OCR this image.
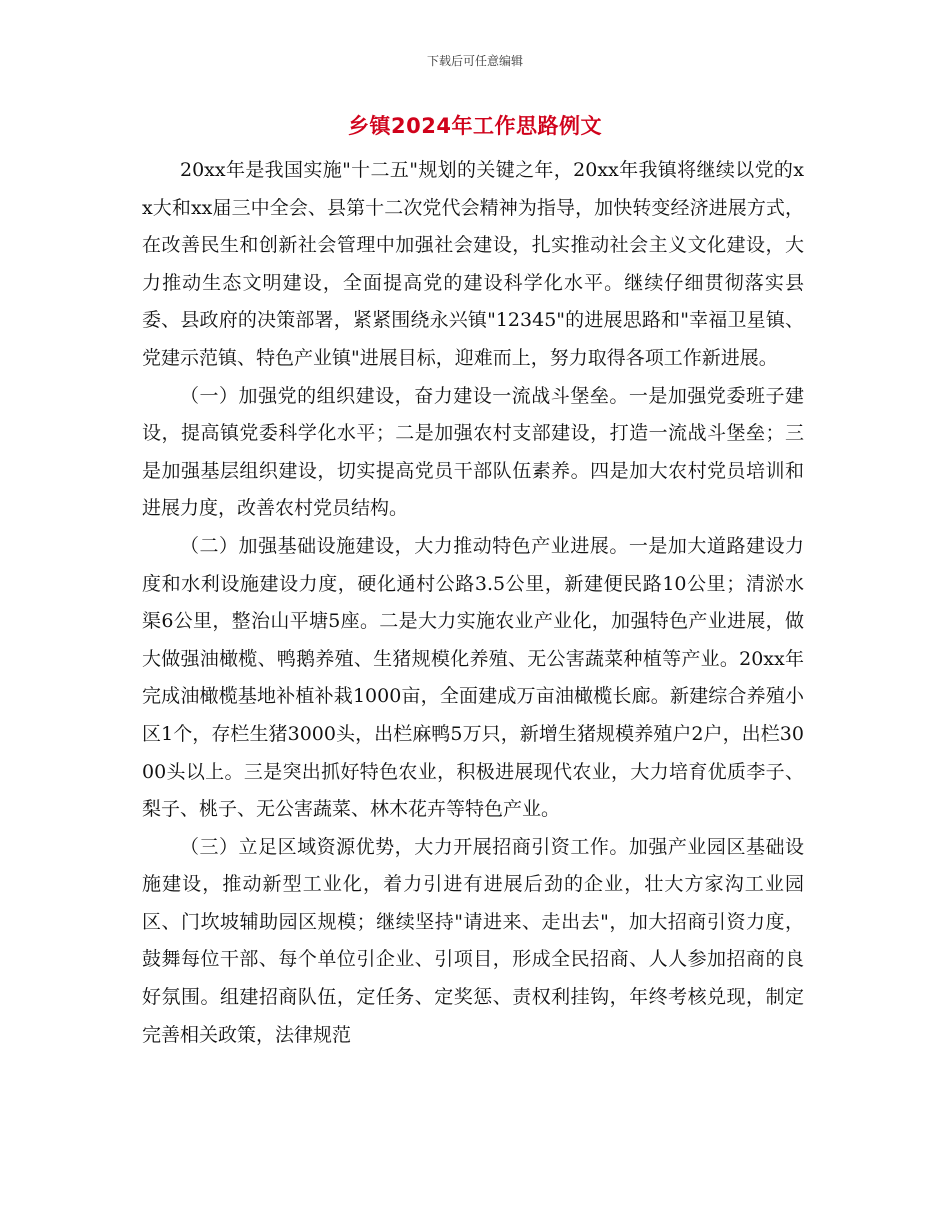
下载后可任意编辑
乡镇2024年工作思路例文

20xx年是我国实施"十二五"规划的关键之年，20xx年我镇将继续以党的xx大和xx届三中全会、县第十二次党代会精神为指导，加快转变经济进展方式，在改善民生和创新社会管理中加强社会建设，扎实推动社会主义文化建设，大力推动生态文明建设，全面提高党的建设科学化水平。继续仔细贯彻落实县委、县政府的决策部署，紧紧围绕永兴镇"12345"的进展思路和"幸福卫星镇、党建示范镇、特色产业镇"进展目标，迎难而上，努力取得各项工作新进展。

（一）加强党的组织建设，奋力建设一流战斗堡垒。一是加强党委班子建设，提高镇党委科学化水平；二是加强农村支部建设，打造一流战斗堡垒；三是加强基层组织建设，切实提高党员干部队伍素养。四是加大农村党员培训和进展力度，改善农村党员结构。

（二）加强基础设施建设，大力推动特色产业进展。一是加大道路建设力度和水利设施建设力度，硬化通村公路3.5公里，新建便民路10公里；清淤水渠6公里，整治山平塘5座。二是大力实施农业产业化，加强特色产业进展，做大做强油橄榄、鸭鹅养殖、生猪规模化养殖、无公害蔬菜种植等产业。20xx年完成油橄榄基地补植补栽1000亩，全面建成万亩油橄榄长廊。新建综合养殖小区1个，存栏生猪3000头，出栏麻鸭5万只，新增生猪规模养殖户2户，出栏3000头以上。三是突出抓好特色农业，积极进展现代农业，大力培育优质李子、梨子、桃子、无公害蔬菜、林木花卉等特色产业。

（三）立足区域资源优势，大力开展招商引资工作。加强产业园区基础设施建设，推动新型工业化，着力引进有进展后劲的企业，壮大方家沟工业园区、门坎坡辅助园区规模；继续坚持"请进来、走出去"，加大招商引资力度，鼓舞每位干部、每个单位引企业、引项目，形成全民招商、人人参加招商的良好氛围。组建招商队伍，定任务、定奖惩、责权利挂钩，年终考核兑现，制定完善相关政策，法律规范
